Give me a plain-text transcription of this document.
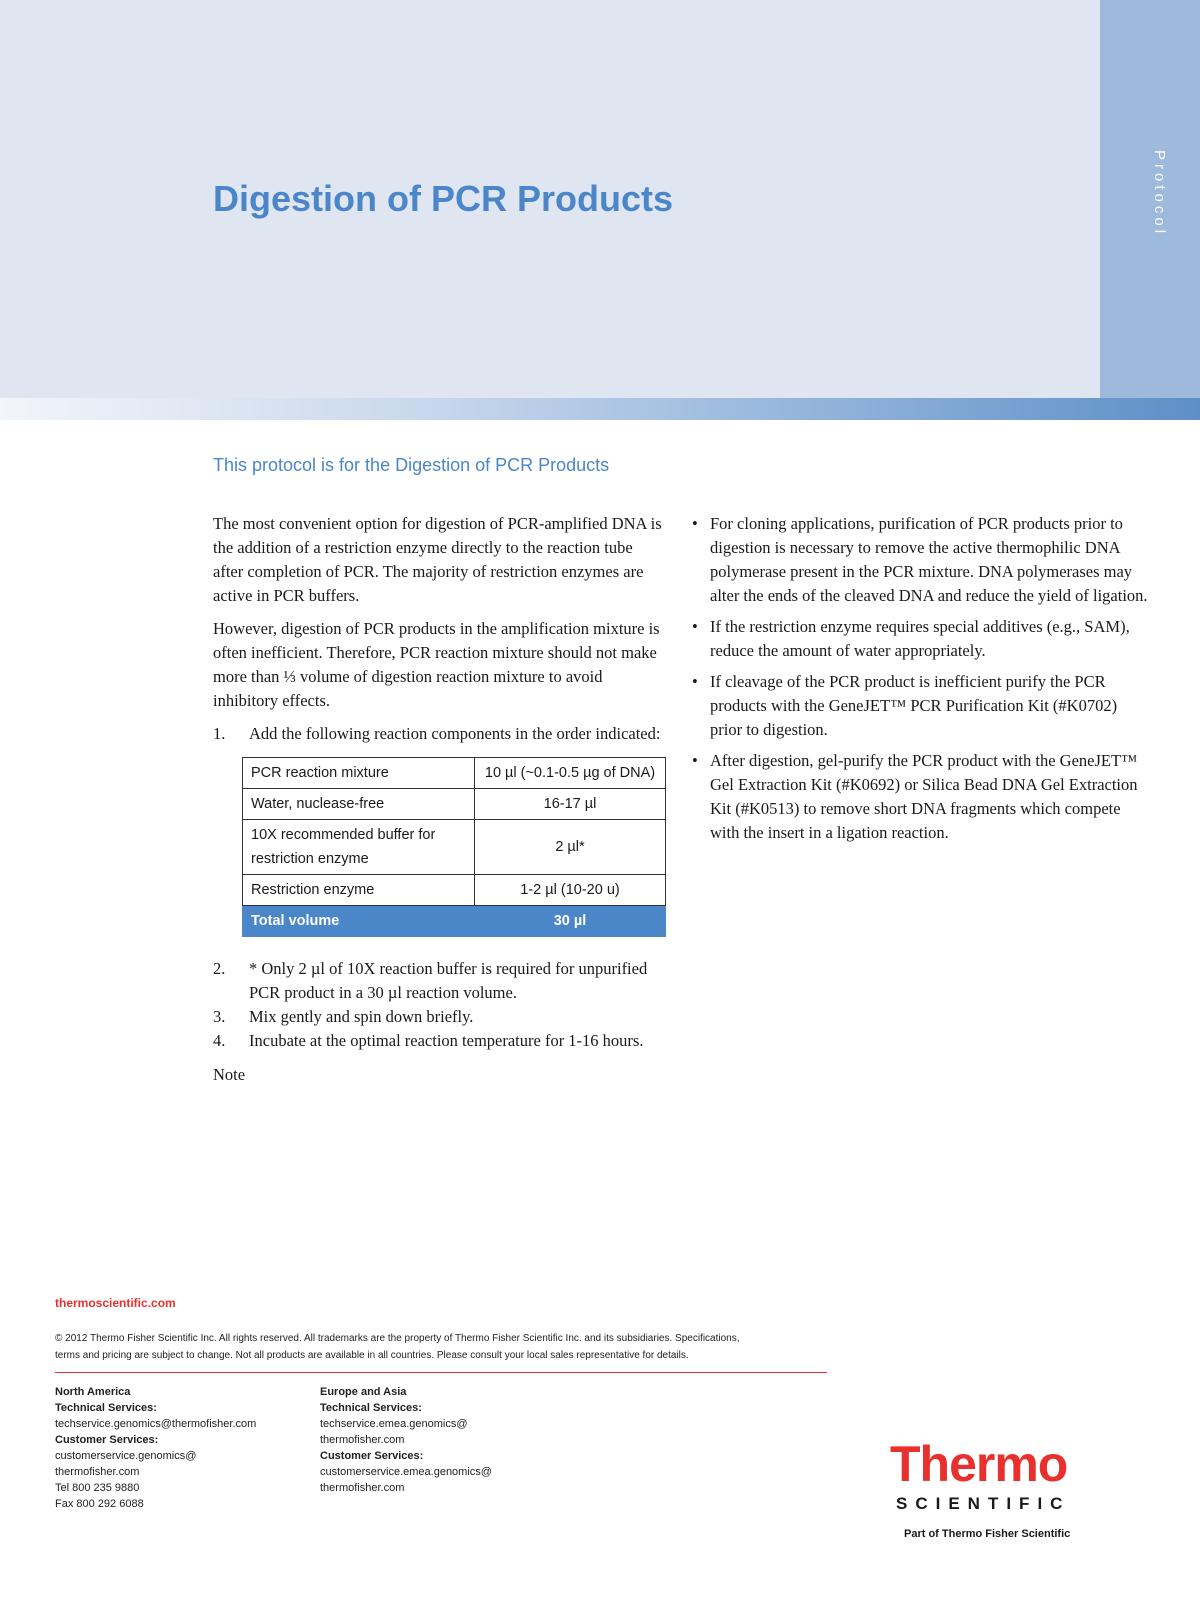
Protocol
Digestion of PCR Products
This protocol is for the Digestion of PCR Products

The most convenient option for digestion of PCR-amplified DNA is the addition of a restriction enzyme directly to the reaction tube after completion of PCR. The majority of restriction enzymes are active in PCR buffers.

However, digestion of PCR products in the amplification mixture is often inefficient. Therefore, PCR reaction mixture should not make more than ⅓ volume of digestion reaction mixture to avoid inhibitory effects.

1.	Add the following reaction components in the order indicated:
PCR reaction mixture	10 µl (~0.1-0.5 µg of DNA)
Water, nuclease-free	16-17 µl
10X recommended buffer for restriction enzyme	2 µl*
Restriction enzyme	1-2 µl (10-20 u)
Total volume	30 µl
2.	* Only 2 µl of 10X reaction buffer is required for unpurified PCR product in a 30 µl reaction volume.
3.	Mix gently and spin down briefly.
4.	Incubate at the optimal reaction temperature for 1-16 hours.

Note

• For cloning applications, purification of PCR products prior to digestion is necessary to remove the active thermophilic DNA polymerase present in the PCR mixture. DNA polymerases may alter the ends of the cleaved DNA and reduce the yield of ligation.
• If the restriction enzyme requires special additives (e.g., SAM), reduce the amount of water appropriately.
• If cleavage of the PCR product is inefficient purify the PCR products with the GeneJET™ PCR Purification Kit (#K0702) prior to digestion.
• After digestion, gel-purify the PCR product with the GeneJET™ Gel Extraction Kit (#K0692) or Silica Bead DNA Gel Extraction Kit (#K0513) to remove short DNA fragments which compete with the insert in a ligation reaction.
thermoscientific.com
© 2012 Thermo Fisher Scientific Inc. All rights reserved. All trademarks are the property of Thermo Fisher Scientific Inc. and its subsidiaries. Specifications,
terms and pricing are subject to change. Not all products are available in all countries. Please consult your local sales representative for details.
North America
Technical Services:
techservice.genomics@thermofisher.com
Customer Services:
customerservice.genomics@
thermofisher.com
Tel 800 235 9880
Fax 800 292 6088
Europe and Asia
Technical Services:
techservice.emea.genomics@
thermofisher.com
Customer Services:
customerservice.emea.genomics@
thermofisher.com	Thermo
SCIENTIFIC
Part of Thermo Fisher Scientific
